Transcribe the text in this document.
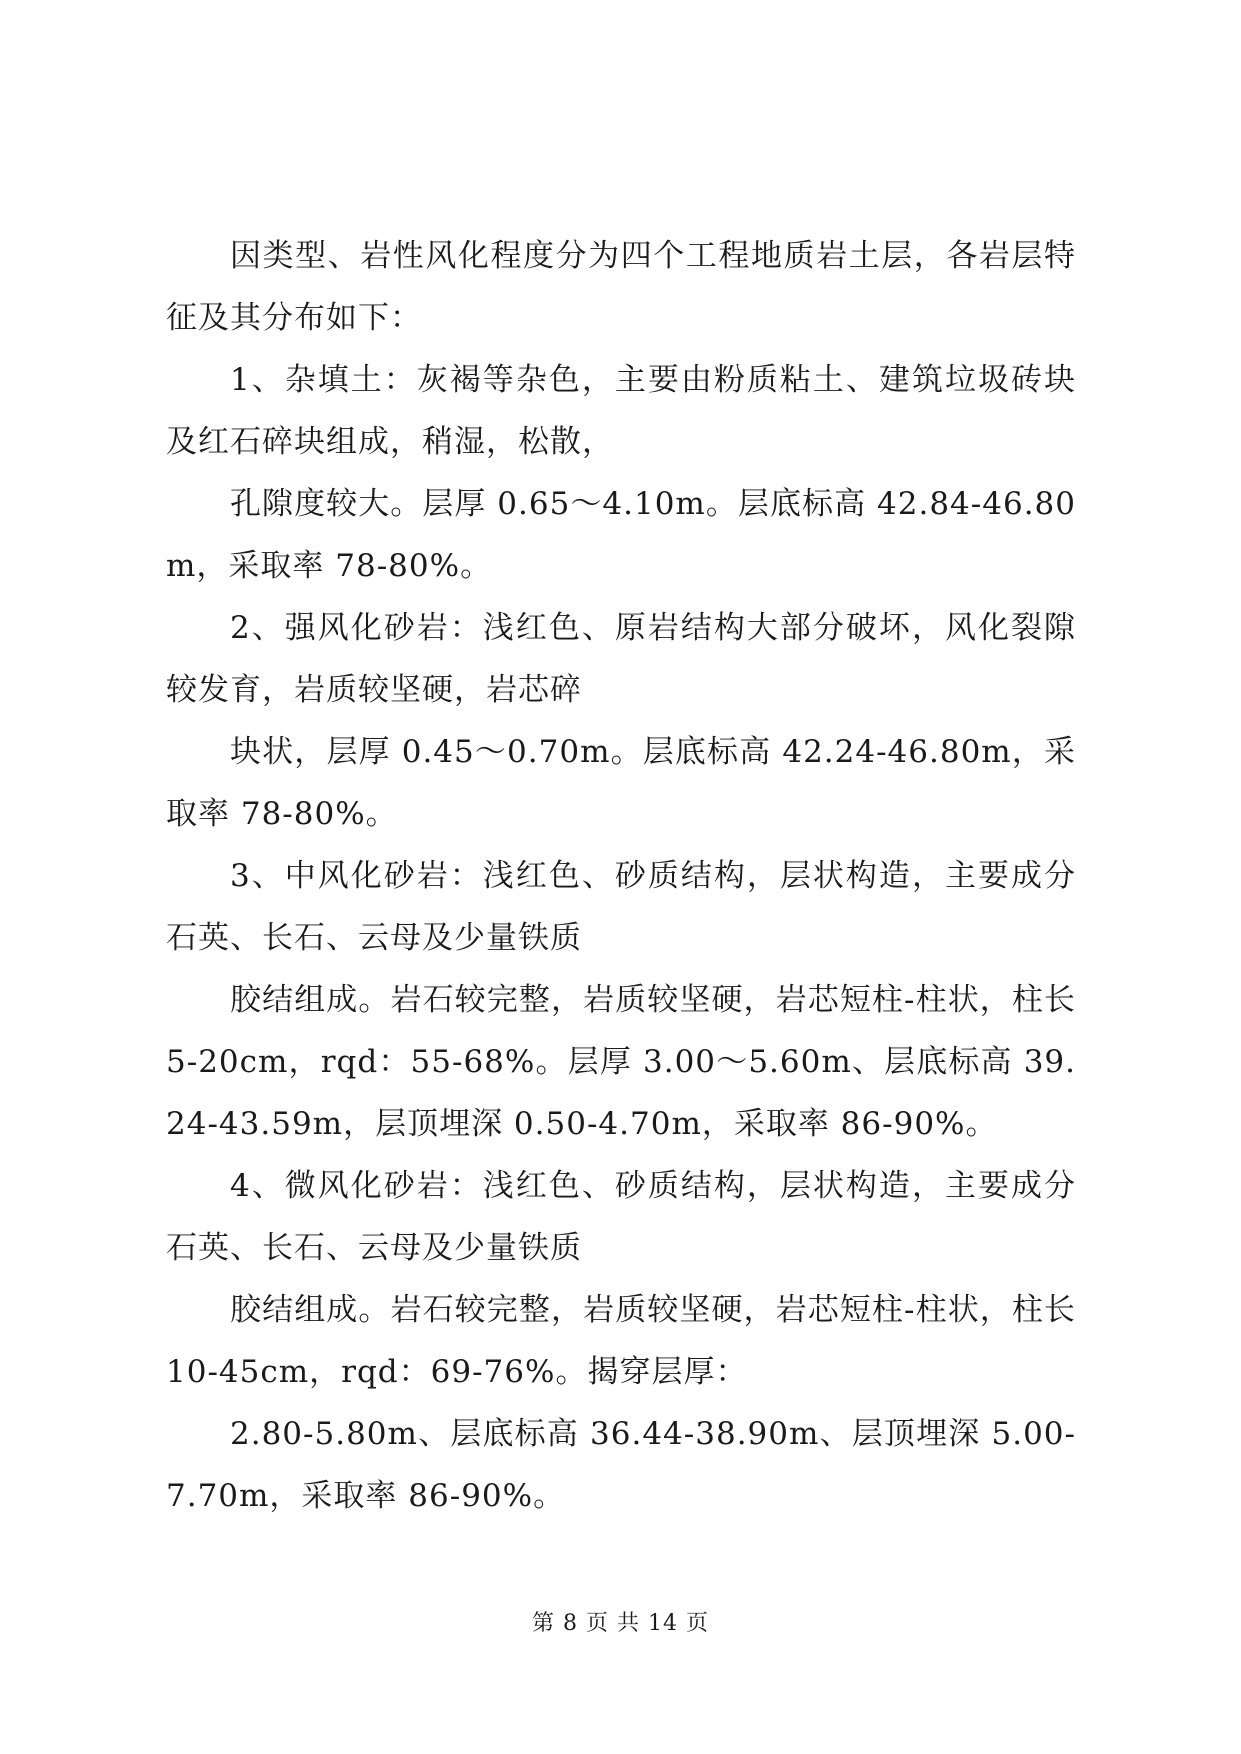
因类型、岩性风化程度分为四个工程地质岩土层，各岩层特征及其分布如下：

1、杂填土：灰褐等杂色，主要由粉质粘土、建筑垃圾砖块及红石碎块组成，稍湿，松散，

孔隙度较大。层厚 0.65～4.10m。层底标高 42.84-46.80m，采取率 78-80%。

2、强风化砂岩：浅红色、原岩结构大部分破坏，风化裂隙较发育，岩质较坚硬，岩芯碎

块状，层厚 0.45～0.70m。层底标高 42.24-46.80m，采取率 78-80%。

3、中风化砂岩：浅红色、砂质结构，层状构造，主要成分石英、长石、云母及少量铁质

胶结组成。岩石较完整，岩质较坚硬，岩芯短柱-柱状，柱长 5-20cm，rqd：55-68%。层厚 3.00～5.60m、层底标高 39.24-43.59m，层顶埋深 0.50-4.70m，采取率 86-90%。

4、微风化砂岩：浅红色、砂质结构，层状构造，主要成分石英、长石、云母及少量铁质

胶结组成。岩石较完整，岩质较坚硬，岩芯短柱-柱状，柱长 10-45cm，rqd：69-76%。揭穿层厚：

2.80-5.80m、层底标高 36.44-38.90m、层顶埋深 5.00-7.70m，采取率 86-90%。

第 8 页 共 14 页
